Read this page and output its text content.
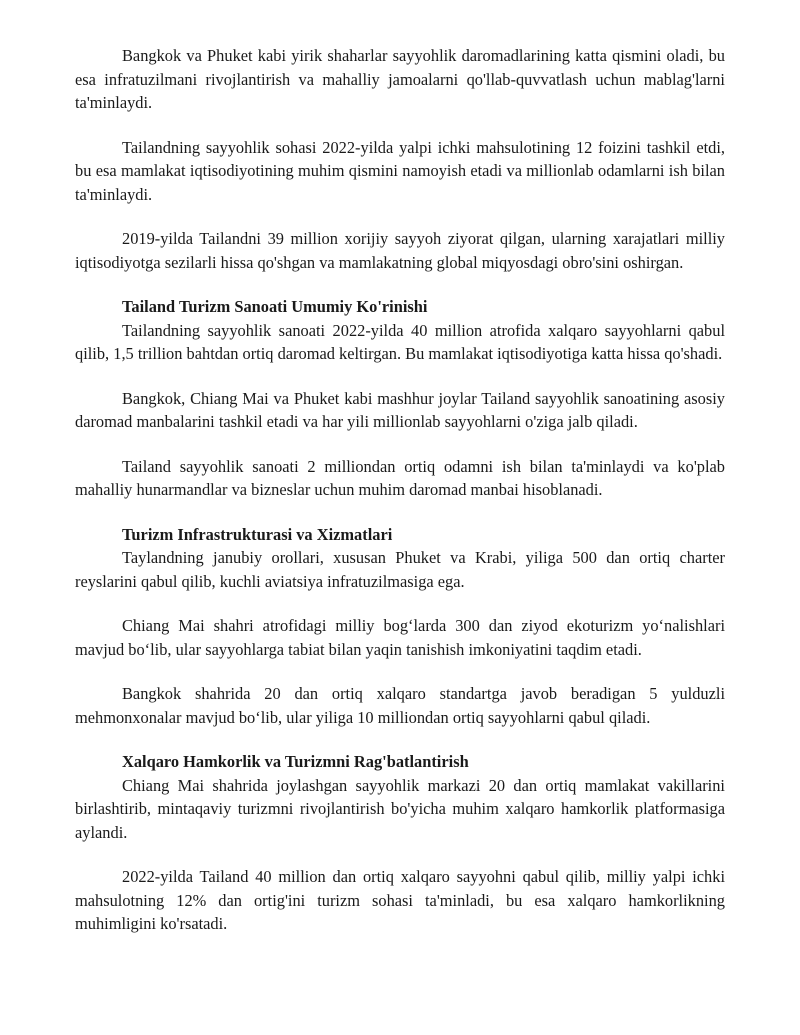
Bangkok va Phuket kabi yirik shaharlar sayyohlik daromadlarining katta qismini oladi, bu esa infratuzilmani rivojlantirish va mahalliy jamoalarni qo'llab-quvvatlash uchun mablag'larni ta'minlaydi.

Tailandning sayyohlik sohasi 2022-yilda yalpi ichki mahsulotining 12 foizini tashkil etdi, bu esa mamlakat iqtisodiyotining muhim qismini namoyish etadi va millionlab odamlarni ish bilan ta'minlaydi.

2019-yilda Tailandni 39 million xorijiy sayyoh ziyorat qilgan, ularning xarajatlari milliy iqtisodiyotga sezilarli hissa qo'shgan va mamlakatning global miqyosdagi obro'sini oshirgan.

Tailand Turizm Sanoati Umumiy Ko'rinishi

Tailandning sayyohlik sanoati 2022-yilda 40 million atrofida xalqaro sayyohlarni qabul qilib, 1,5 trillion bahtdan ortiq daromad keltirgan. Bu mamlakat iqtisodiyotiga katta hissa qo'shadi.

Bangkok, Chiang Mai va Phuket kabi mashhur joylar Tailand sayyohlik sanoatining asosiy daromad manbalarini tashkil etadi va har yili millionlab sayyohlarni o'ziga jalb qiladi.

Tailand sayyohlik sanoati 2 milliondan ortiq odamni ish bilan ta'minlaydi va ko'plab mahalliy hunarmandlar va bizneslar uchun muhim daromad manbai hisoblanadi.

Turizm Infrastrukturasi va Xizmatlari

Taylandning janubiy orollari, xususan Phuket va Krabi, yiliga 500 dan ortiq charter reyslarini qabul qilib, kuchli aviatsiya infratuzilmasiga ega.

Chiang Mai shahri atrofidagi milliy bog‘larda 300 dan ziyod ekoturizm yo‘nalishlari mavjud bo‘lib, ular sayyohlarga tabiat bilan yaqin tanishish imkoniyatini taqdim etadi.

Bangkok shahrida 20 dan ortiq xalqaro standartga javob beradigan 5 yulduzli mehmonxonalar mavjud bo‘lib, ular yiliga 10 milliondan ortiq sayyohlarni qabul qiladi.

Xalqaro Hamkorlik va Turizmni Rag'batlantirish

Chiang Mai shahrida joylashgan sayyohlik markazi 20 dan ortiq mamlakat vakillarini birlashtirib, mintaqaviy turizmni rivojlantirish bo'yicha muhim xalqaro hamkorlik platformasiga aylandi.

2022-yilda Tailand 40 million dan ortiq xalqaro sayyohni qabul qilib, milliy yalpi ichki mahsulotning 12% dan ortig'ini turizm sohasi ta'minladi, bu esa xalqaro hamkorlikning muhimligini ko'rsatadi.
